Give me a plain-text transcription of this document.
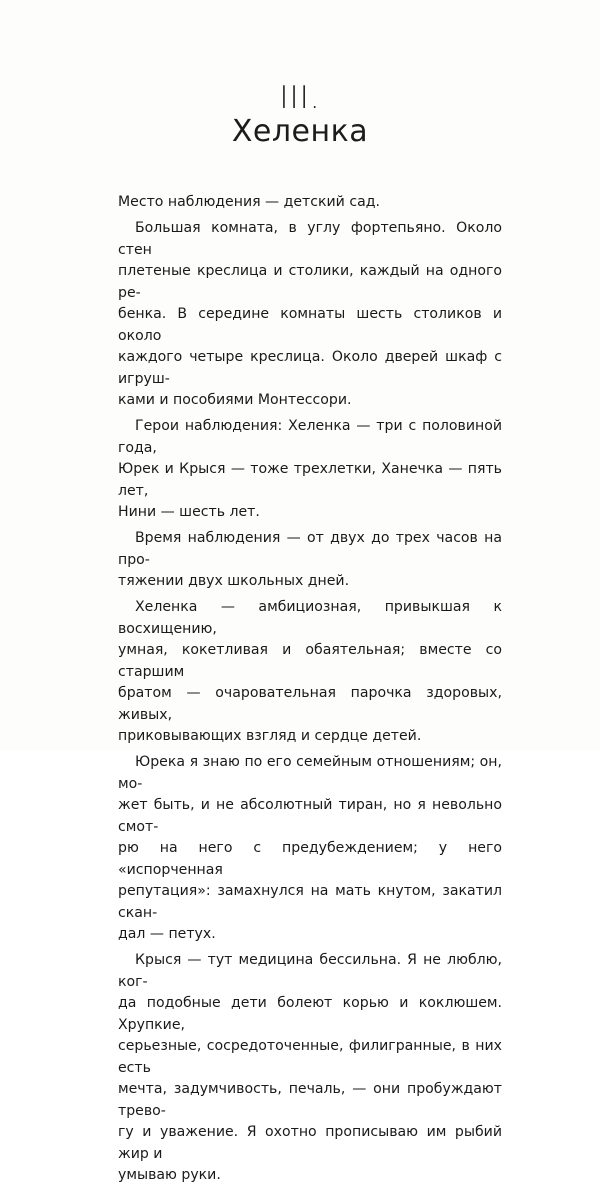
III.
Хеленка

Место наблюдения — детский сад.

Большая комната, в углу фортепьяно. Около стен
плетеные креслица и столики, каждый на одного ре-
бенка. В середине комнаты шесть столиков и около
каждого четыре креслица. Около дверей шкаф с игруш-
ками и пособиями Монтессори.

Герои наблюдения: Хеленка — три с половиной года,
Юрек и Крыся — тоже трехлетки, Ханечка — пять лет,
Нини — шесть лет.

Время наблюдения — от двух до трех часов на про-
тяжении двух школьных дней.

Хеленка — амбициозная, привыкшая к восхищению,
умная, кокетливая и обаятельная; вместе со старшим
братом — очаровательная парочка здоровых, живых,
приковывающих взгляд и сердце детей.

Юрека я знаю по его семейным отношениям; он, мо-
жет быть, и не абсолютный тиран, но я невольно смот-
рю на него с предубеждением; у него «испорченная
репутация»: замахнулся на мать кнутом, закатил скан-
дал — петух.

Крыся — тут медицина бессильна. Я не люблю, ког-
да подобные дети болеют корью и коклюшем. Хрупкие,
серьезные, сосредоточенные, филигранные, в них есть
мечта, задумчивость, печаль, — они пробуждают трево-
гу и уважение. Я охотно прописываю им рыбий жир и
умываю руки.
